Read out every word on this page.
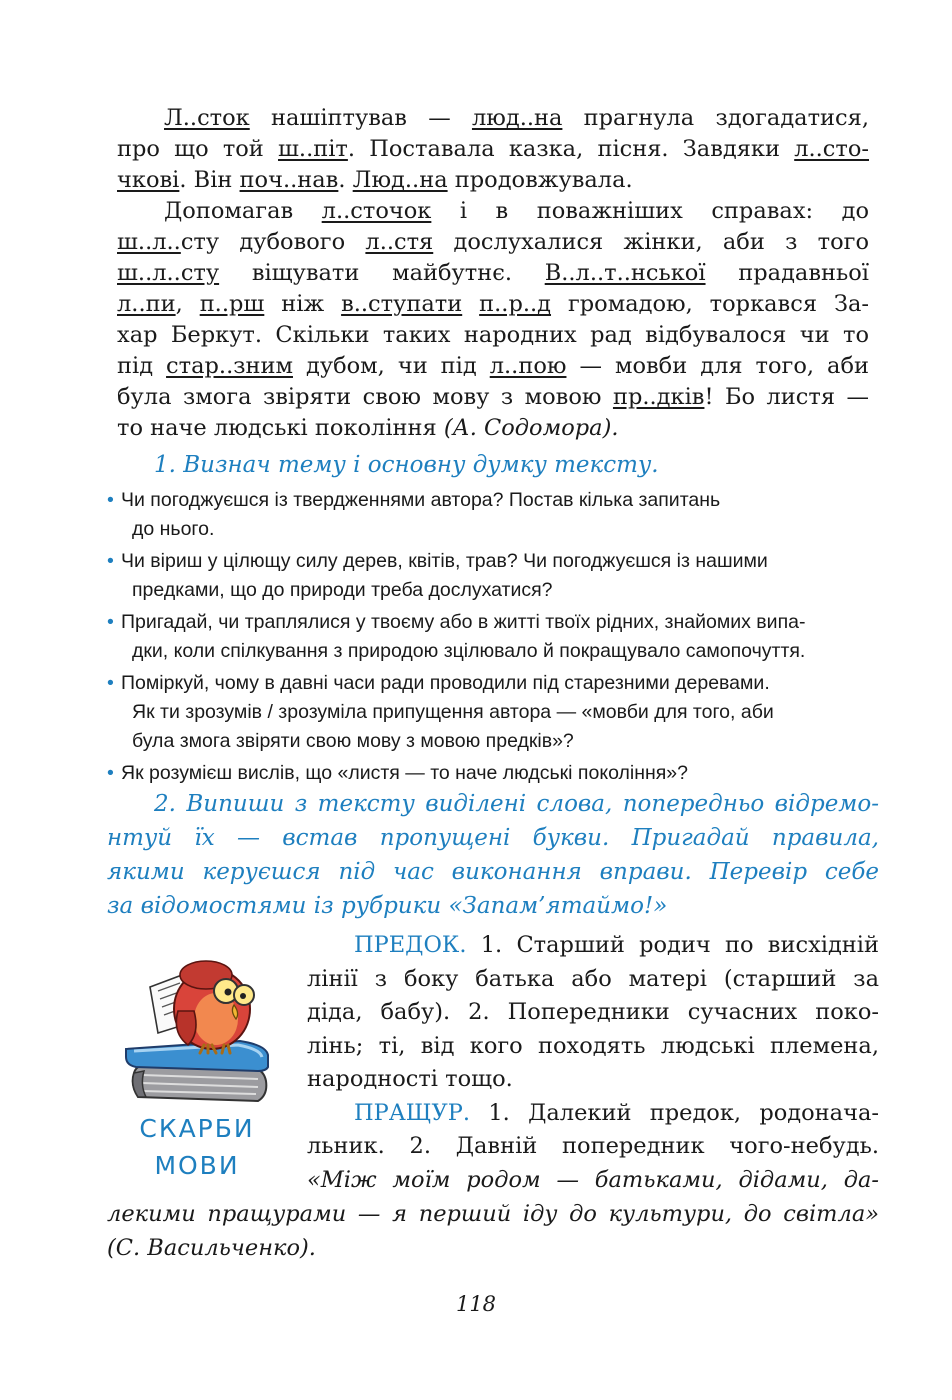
Л..сток нашіптував — люд..на прагнула здогадатися,
про що той ш..піт. Поставала казка, пісня. Завдяки л..сто-
чкові. Він поч..нав. Люд..на продовжувала.
Допомагав л..сточок і в поважніших справах: до
ш..л..сту дубового л..стя дослухалися жінки, аби з того
ш..л..сту віщувати майбутнє. В..л..т..нської прадавньої
л..пи, п..рш ніж в..ступати п..р..д громадою, торкався За-
хар Беркут. Скільки таких народних рад відбувалося чи то
під стар..зним дубом, чи під л..пою — мовби для того, аби
була змога звіряти свою мову з мовою пр..дків! Бо листя —
то наче людські покоління (А. Содомора).
1. Визнач тему і основну думку тексту.
• Чи погоджуєшся із твердженнями автора? Постав кілька запитань
до нього.
• Чи віриш у цілющу силу дерев, квітів, трав? Чи погоджуєшся із нашими
предками, що до природи треба дослухатися?
• Пригадай, чи траплялися у твоєму або в житті твоїх рідних, знайомих випа-
дки, коли спілкування з природою зцілювало й покращувало самопочуття.
• Поміркуй, чому в давні часи ради проводили під старезними деревами.
Як ти зрозумів / зрозуміла припущення автора — «мовби для того, аби
була змога звіряти свою мову з мовою предків»?
• Як розумієш вислів, що «листя — то наче людські покоління»?
2. Випиши з тексту виділені слова, попередньо відремо-
нтуй їх — встав пропущені букви. Пригадай правила,
якими керуєшся під час виконання вправи. Перевір себе
за відомостями із рубрики «Запам’ятаймо!»
СКАРБИ
МОВИ
ПРЕДОК. 1. Старший родич по висхідній
лінії з боку батька або матері (старший за
діда, бабу). 2. Попередники сучасних поко-
лінь; ті, від кого походять людські племена,
народності тощо.
ПРАЩУР. 1. Далекий предок, родонача-
льник. 2. Давній попередник чого-небудь.
«Між моїм родом — батьками, дідами, да-
лекими пращурами — я перший іду до культури, до світла»
(С. Васильченко).
118
